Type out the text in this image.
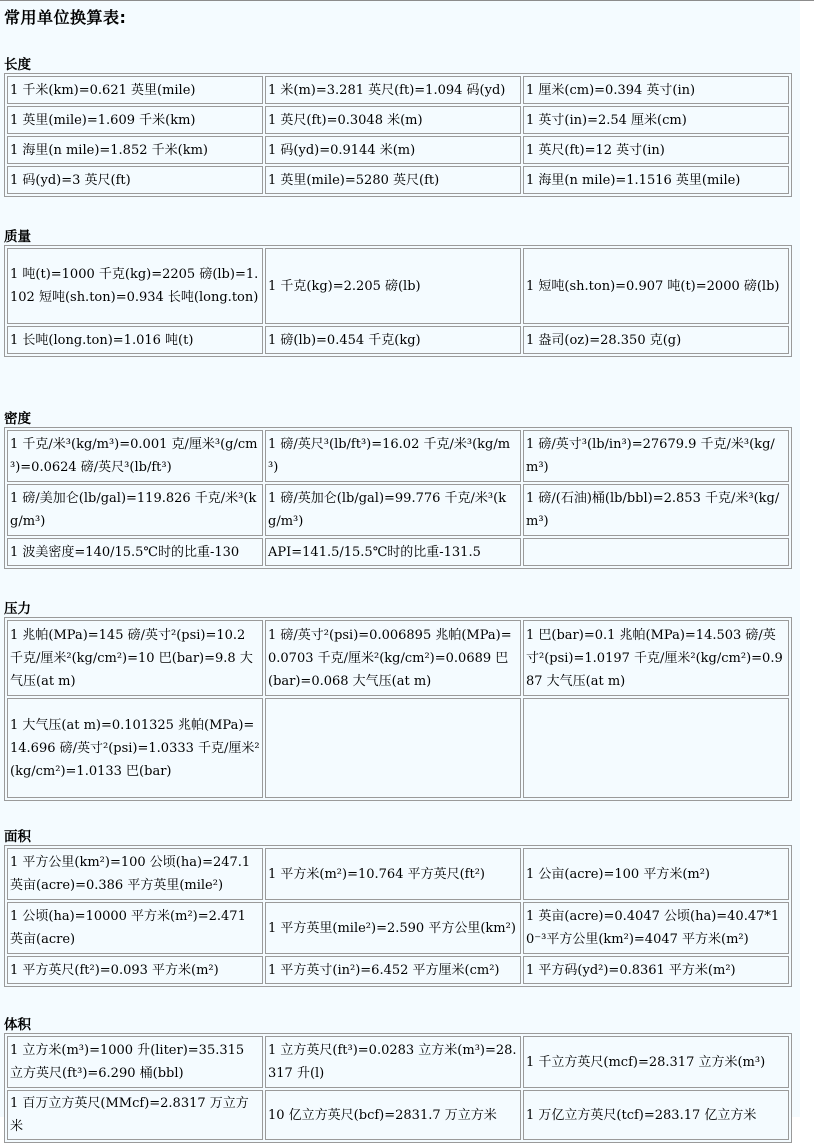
常用单位换算表:
长度
1 千米(km)=0.621 英里(mile)	1 米(m)=3.281 英尺(ft)=1.094 码(yd)	1 厘米(cm)=0.394 英寸(in)
1 英里(mile)=1.609 千米(km)	1 英尺(ft)=0.3048 米(m)	1 英寸(in)=2.54 厘米(cm)
1 海里(n mile)=1.852 千米(km)	1 码(yd)=0.9144 米(m)	1 英尺(ft)=12 英寸(in)
1 码(yd)=3 英尺(ft)	1 英里(mile)=5280 英尺(ft)	1 海里(n mile)=1.1516 英里(mile)
质量
1 吨(t)=1000 千克(kg)=2205 磅(lb)=1.102 短吨(sh.ton)=0.934 长吨(long.ton)	1 千克(kg)=2.205 磅(lb)	1 短吨(sh.ton)=0.907 吨(t)=2000 磅(lb)
1 长吨(long.ton)=1.016 吨(t)	1 磅(lb)=0.454 千克(kg)	1 盎司(oz)=28.350 克(g)
密度
1 千克/米³(kg/m³)=0.001 克/厘米³(g/cm³)=0.0624 磅/英尺³(lb/ft³)	1 磅/英尺³(lb/ft³)=16.02 千克/米³(kg/m³)	1 磅/英寸³(lb/in³)=27679.9 千克/米³(kg/m³)
1 磅/美加仑(lb/gal)=119.826 千克/米³(kg/m³)	1 磅/英加仑(lb/gal)=99.776 千克/米³(kg/m³)	1 磅/(石油)桶(lb/bbl)=2.853 千克/米³(kg/m³)
1 波美密度=140/15.5℃时的比重-130	API=141.5/15.5℃时的比重-131.5	
压力
1 兆帕(MPa)=145 磅/英寸²(psi)=10.2 千克/厘米²(kg/cm²)=10 巴(bar)=9.8 大气压(at m)	1 磅/英寸²(psi)=0.006895 兆帕(MPa)=0.0703 千克/厘米²(kg/cm²)=0.0689 巴(bar)=0.068 大气压(at m)	1 巴(bar)=0.1 兆帕(MPa)=14.503 磅/英寸²(psi)=1.0197 千克/厘米²(kg/cm²)=0.987 大气压(at m)
1 大气压(at m)=0.101325 兆帕(MPa)=14.696 磅/英寸²(psi)=1.0333 千克/厘米²(kg/cm²)=1.0133 巴(bar)		
面积
1 平方公里(km²)=100 公顷(ha)=247.1 英亩(acre)=0.386 平方英里(mile²)	1 平方米(m²)=10.764 平方英尺(ft²)	1 公亩(acre)=100 平方米(m²)
1 公顷(ha)=10000 平方米(m²)=2.471 英亩(acre)	1 平方英里(mile²)=2.590 平方公里(km²)	1 英亩(acre)=0.4047 公顷(ha)=40.47*10⁻³平方公里(km²)=4047 平方米(m²)
1 平方英尺(ft²)=0.093 平方米(m²)	1 平方英寸(in²)=6.452 平方厘米(cm²)	1 平方码(yd²)=0.8361 平方米(m²)
体积
1 立方米(m³)=1000 升(liter)=35.315 立方英尺(ft³)=6.290 桶(bbl)	1 立方英尺(ft³)=0.0283 立方米(m³)=28.317 升(l)	1 千立方英尺(mcf)=28.317 立方米(m³)
1 百万立方英尺(MMcf)=2.8317 万立方米	10 亿立方英尺(bcf)=2831.7 万立方米	1 万亿立方英尺(tcf)=283.17 亿立方米
